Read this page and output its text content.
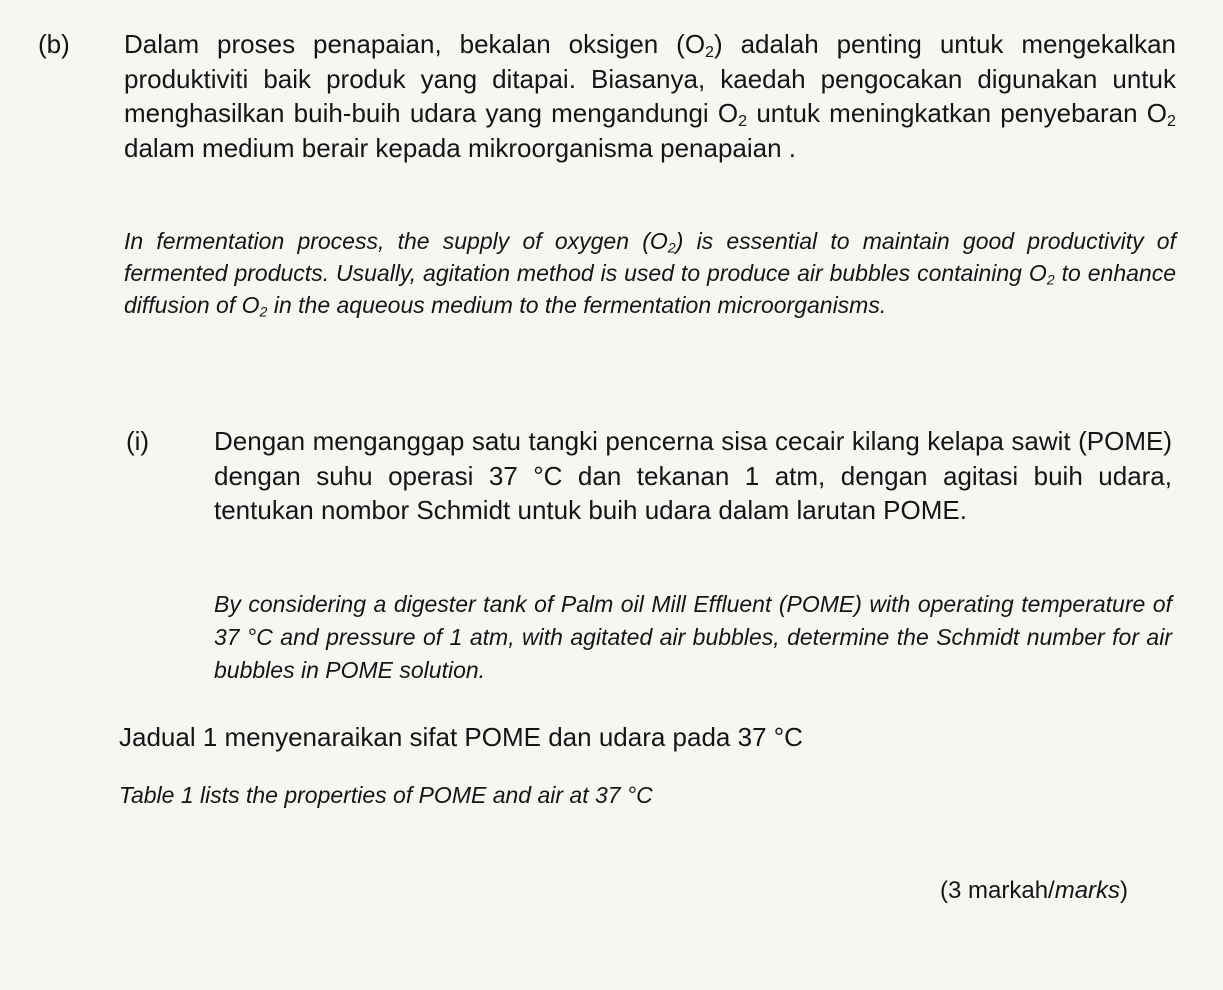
(b) Dalam proses penapaian, bekalan oksigen $(O_2)$ adalah penting untuk mengekalkan produktiviti baik produk yang ditapai. Biasanya, kaedah pengocakan digunakan untuk menghasilkan buih-buih udara yang mengandungi $O_2$ untuk meningkatkan penyebaran $O_2$ dalam medium berair kepada mikroorganisma penapaian .
In fermentation process, the supply of oxygen $(O_2)$ is essential to maintain good productivity of fermented products. Usually, agitation method is used to produce air bubbles containing $O_2$ to enhance diffusion of $O_2$ in the aqueous medium to the fermentation microorganisms.
(i) Dengan menganggap satu tangki pencerna sisa cecair kilang kelapa sawit (POME) dengan suhu operasi 37 °C dan tekanan 1 atm, dengan agitasi buih udara, tentukan nombor Schmidt untuk buih udara dalam larutan POME.
By considering a digester tank of Palm oil Mill Effluent (POME) with operating temperature of 37 °C and pressure of 1 atm, with agitated air bubbles, determine the Schmidt number for air bubbles in POME solution.
Jadual 1 menyenaraikan sifat POME dan udara pada 37 °C
Table 1 lists the properties of POME and air at 37 °C
(3 markah/marks)
